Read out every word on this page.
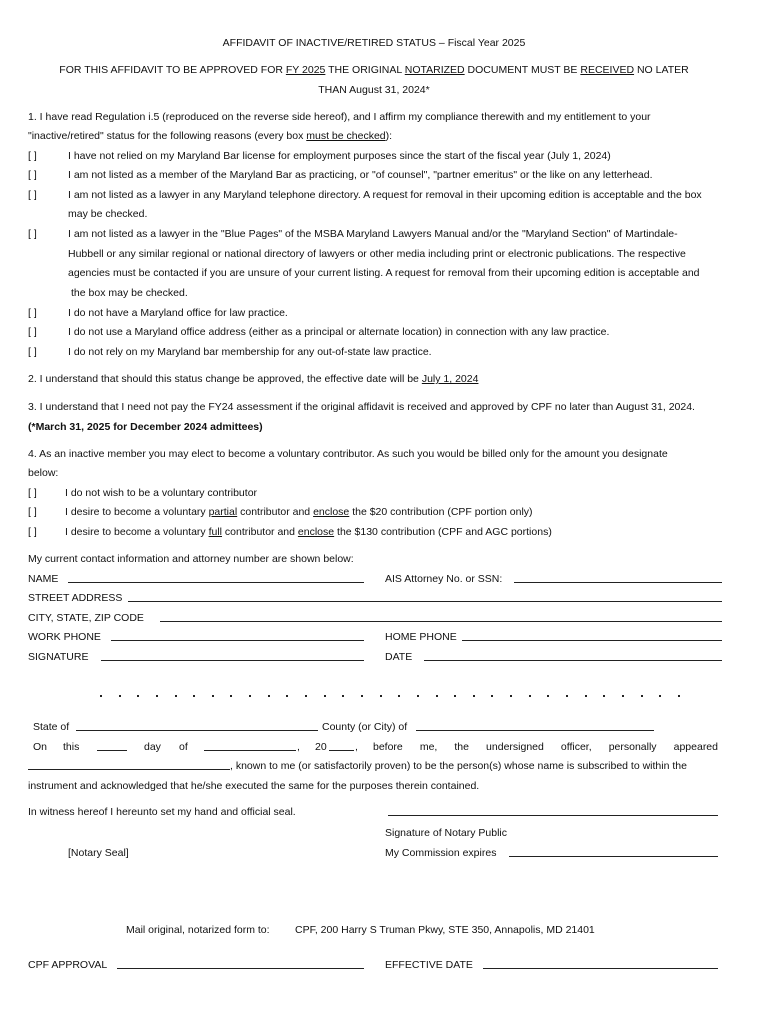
AFFIDAVIT OF INACTIVE/RETIRED STATUS – Fiscal Year 2025
FOR THIS AFFIDAVIT TO BE APPROVED FOR FY 2025 THE ORIGINAL NOTARIZED DOCUMENT MUST BE RECEIVED NO LATER
THAN August 31, 2024*
1. I have read Regulation i.5 (reproduced on the reverse side hereof), and I affirm my compliance therewith and my entitlement to your
"inactive/retired" status for the following reasons (every box must be checked):
[ ]	I have not relied on my Maryland Bar license for employment purposes since the start of the fiscal year (July 1, 2024)
[ ]	I am not listed as a member of the Maryland Bar as practicing, or "of counsel", "partner emeritus" or the like on any letterhead.
[ ]	I am not listed as a lawyer in any Maryland telephone directory. A request for removal in their upcoming edition is acceptable and the box
may be checked.
[ ]	I am not listed as a lawyer in the "Blue Pages" of the MSBA Maryland Lawyers Manual and/or the "Maryland Section" of Martindale-
Hubbell or any similar regional or national directory of lawyers or other media including print or electronic publications. The respective
agencies must be contacted if you are unsure of your current listing. A request for removal from their upcoming edition is acceptable and
the box may be checked.
[ ]	I do not have a Maryland office for law practice.
[ ]	I do not use a Maryland office address (either as a principal or alternate location) in connection with any law practice.
[ ]	I do not rely on my Maryland bar membership for any out-of-state law practice.
2. I understand that should this status change be approved, the effective date will be July 1, 2024
3. I understand that I need not pay the FY24 assessment if the original affidavit is received and approved by CPF no later than August 31, 2024.
(*March 31, 2025 for December 2024 admittees)
4. As an inactive member you may elect to become a voluntary contributor. As such you would be billed only for the amount you designate
below:
[ ]	I do not wish to be a voluntary contributor
[ ]	I desire to become a voluntary partial contributor and enclose the $20 contribution (CPF portion only)
[ ]	I desire to become a voluntary full contributor and enclose the $130 contribution (CPF and AGC portions)
My current contact information and attorney number are shown below:
NAME	AIS Attorney No. or SSN:
STREET ADDRESS
CITY, STATE, ZIP CODE
WORK PHONE	HOME PHONE
SIGNATURE	DATE
State of	County (or City) of
On this	day of	, 20	, before me, the undersigned officer, personally appeared
, known to me (or satisfactorily proven) to be the person(s) whose name is subscribed to within the
instrument and acknowledged that he/she executed the same for the purposes therein contained.
In witness hereof I hereunto set my hand and official seal.
Signature of Notary Public
[Notary Seal]	My Commission expires
Mail original, notarized form to: CPF, 200 Harry S Truman Pkwy, STE 350, Annapolis, MD 21401
CPF APPROVAL	EFFECTIVE DATE
